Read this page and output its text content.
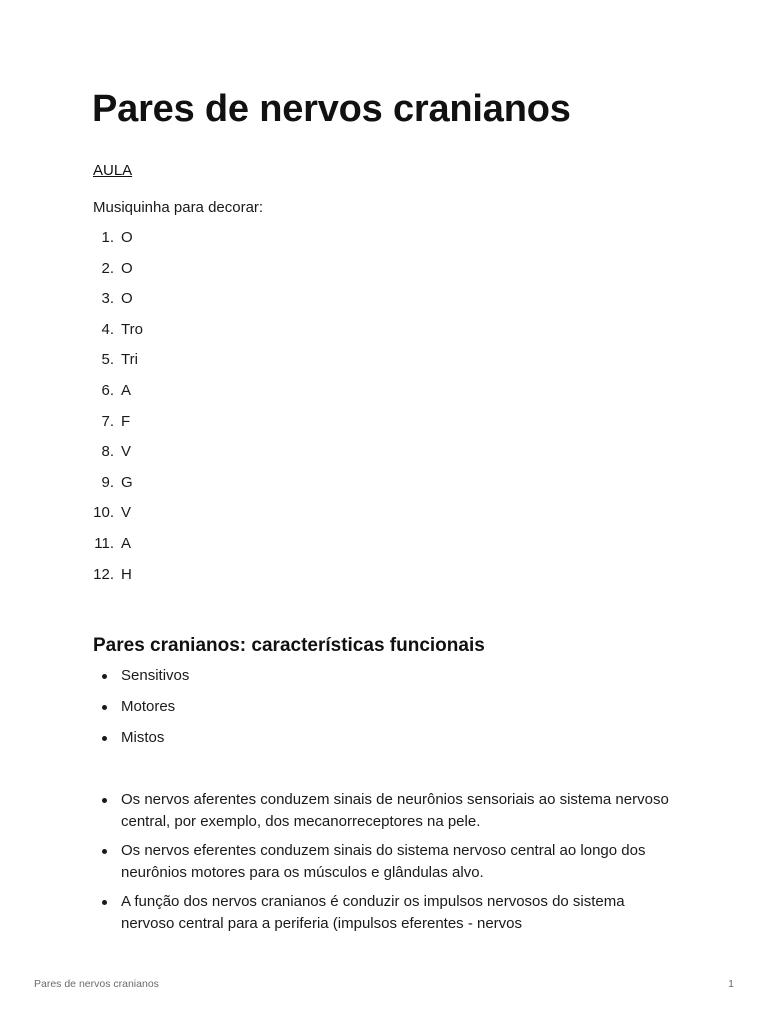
Pares de nervos cranianos
AULA

Musiquinha para decorar:

1. O
2. O
3. O
4. Tro
5. Tri
6. A
7. F
8. V
9. G
10. V
11. A
12. H
Pares cranianos: características funcionais
Sensitivos
Motores
Mistos
Os nervos aferentes conduzem sinais de neurônios sensoriais ao sistema nervoso central, por exemplo, dos mecanorreceptores na pele.
Os nervos eferentes conduzem sinais do sistema nervoso central ao longo dos neurônios motores para os músculos e glândulas alvo.
A função dos nervos cranianos é conduzir os impulsos nervosos do sistema nervoso central para a periferia (impulsos eferentes - nervos
Pares de nervos cranianos	1
